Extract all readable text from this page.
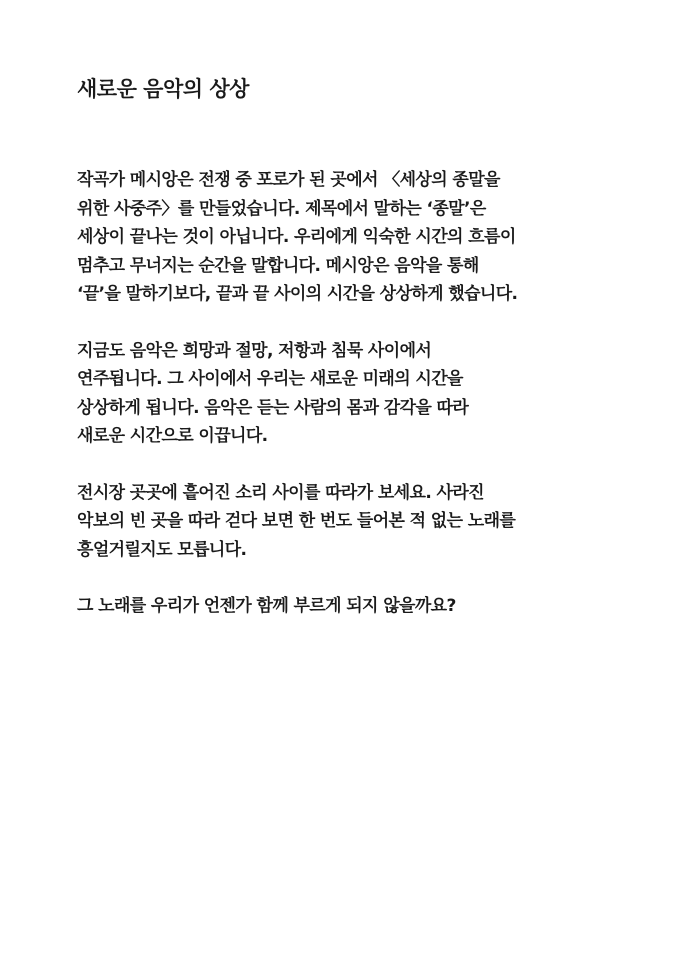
새로운 음악의 상상

작곡가 메시앙은 전쟁 중 포로가 된 곳에서 〈세상의 종말을
위한 사중주〉를 만들었습니다. 제목에서 말하는 ‘종말’은
세상이 끝나는 것이 아닙니다. 우리에게 익숙한 시간의 흐름이
멈추고 무너지는 순간을 말합니다. 메시앙은 음악을 통해
‘끝’을 말하기보다, 끝과 끝 사이의 시간을 상상하게 했습니다.

지금도 음악은 희망과 절망, 저항과 침묵 사이에서
연주됩니다. 그 사이에서 우리는 새로운 미래의 시간을
상상하게 됩니다. 음악은 듣는 사람의 몸과 감각을 따라
새로운 시간으로 이끕니다.

전시장 곳곳에 흩어진 소리 사이를 따라가 보세요. 사라진
악보의 빈 곳을 따라 걷다 보면 한 번도 들어본 적 없는 노래를
흥얼거릴지도 모릅니다.

그 노래를 우리가 언젠가 함께 부르게 되지 않을까요?
